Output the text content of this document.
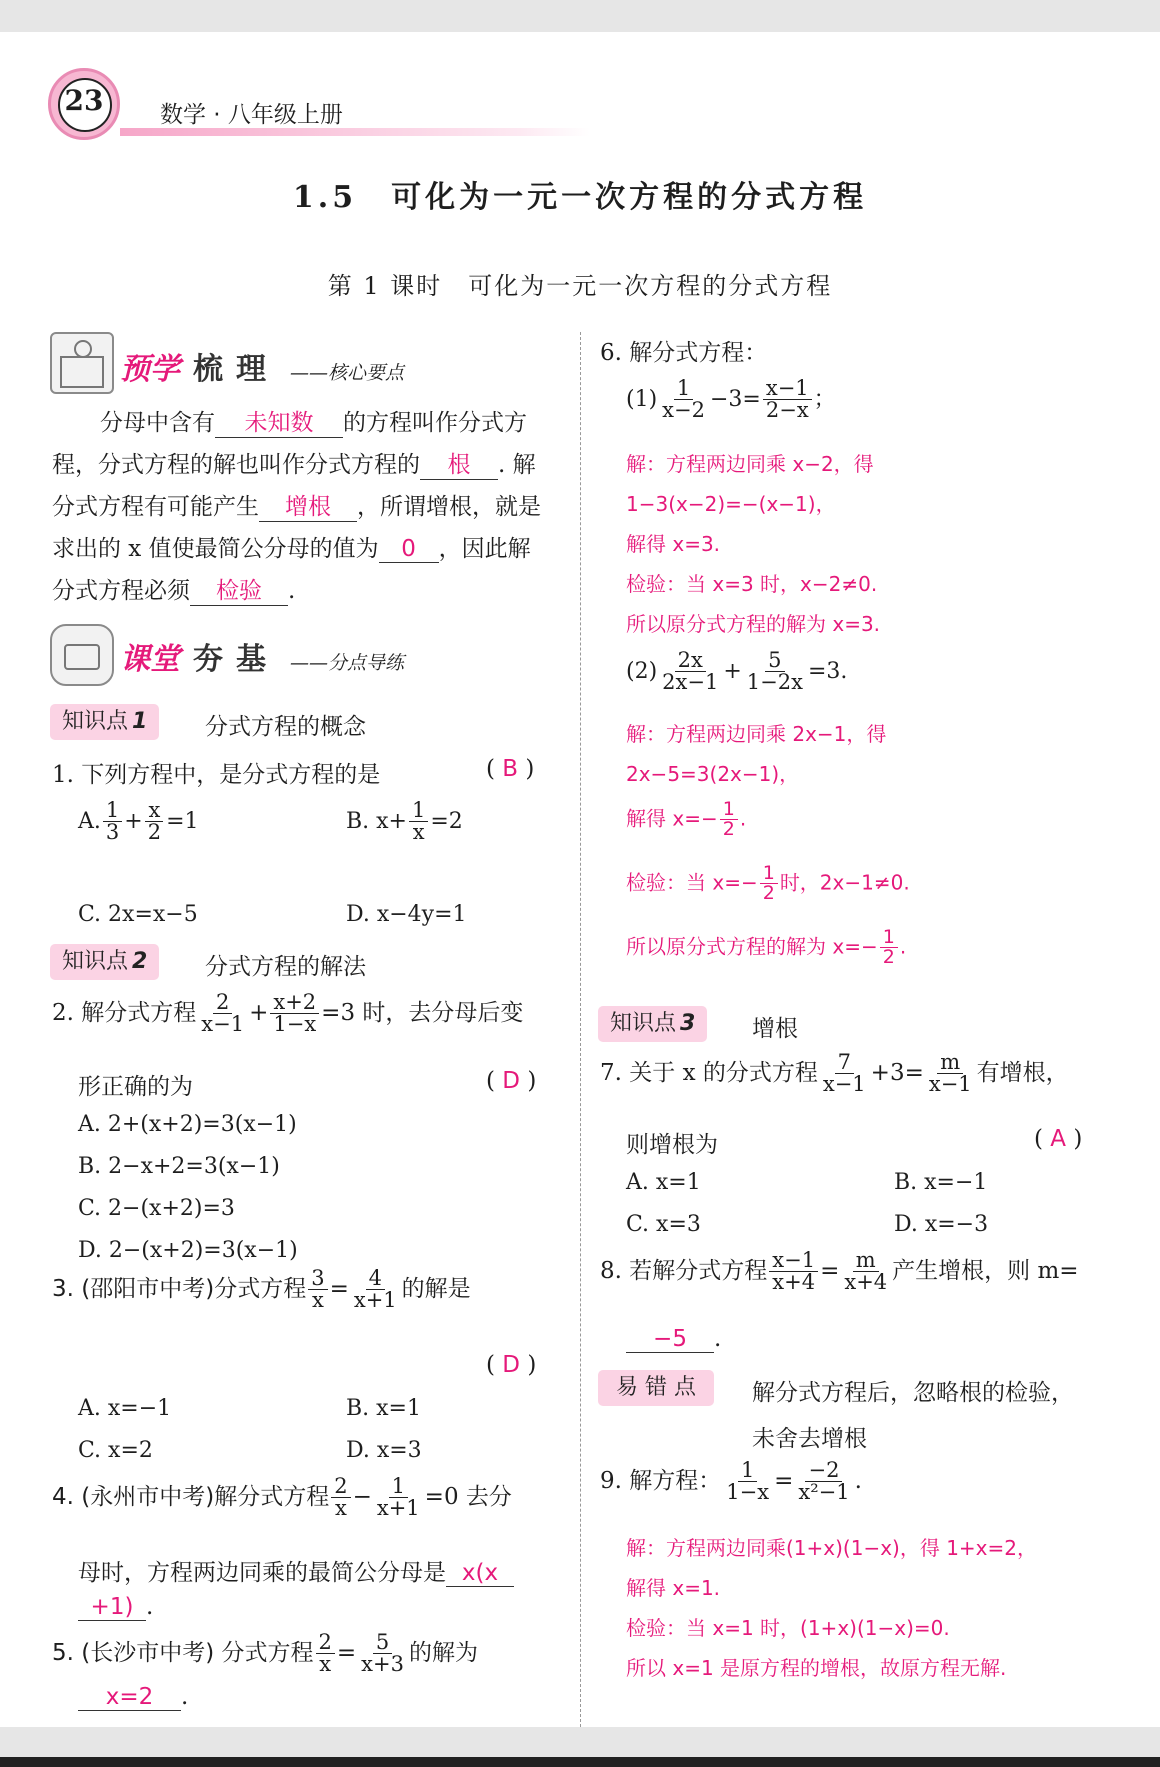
23 数学 · 八年级上册
1.5　可化为一元一次方程的分式方程
第 1 课时　可化为一元一次方程的分式方程
预学 梳 理 ——核心要点
分母中含有 未知数 的方程叫作分式方
程，分式方程的解也叫作分式方程的 根 . 解
分式方程有可能产生 增根 ，所谓增根，就是
求出的 x 值使最简公分母的值为 0 ，因此解
分式方程必须 检验 .
课堂 夯 基 ——分点导练
知识点 1	分式方程的概念
1. 下列方程中，是分式方程的是	( B )
A. $\frac{1}{3} + \frac{x}{2} =1$	B. $x+ \frac{1}{x} =2$
C. 2x=x−5	D. x−4y=1
知识点 2	分式方程的解法
2. 解分式方程 $\frac{2}{x-1} + \frac{x+2}{1-x} =3$ 时，去分母后变
形正确的为	( D )
A. 2+(x+2)=3(x−1)
B. 2−x+2=3(x−1)
C. 2−(x+2)=3
D. 2−(x+2)=3(x−1)
3. (邵阳市中考)分式方程 $\frac{3}{x} = \frac{4}{x+1}$ 的解是
( D )
A. x=−1	B. x=1
C. x=2	D. x=3
4. (永州市中考)解分式方程 $\frac{2}{x} - \frac{1}{x+1} =0$ 去分
母时，方程两边同乘的最简公分母是 x(x
+1) .
5. (长沙市中考) 分式方程 $\frac{2}{x} = \frac{5}{x+3}$ 的解为
x=2 .
6. 解分式方程：
$(1) \frac{1}{x-2} -3= \frac{x-1}{2-x}$ ；
解：方程两边同乘 x−2，得
1−3(x−2)=−(x−1)，
解得 x=3.
检验：当 x=3 时，x−2≠0.
所以原分式方程的解为 x=3.
$(2) \frac{2x}{2x-1} + \frac{5}{1-2x} =3$.
解：方程两边同乘 2x−1，得
2x−5=3(2x−1)，
解得 $x=- \frac{1}{2}$ .
检验：当 $x=- \frac{1}{2}$ 时，2x−1≠0.
所以原分式方程的解为 $x=- \frac{1}{2}$ .
知识点 3	增根
7. 关于 x 的分式方程 $\frac{7}{x-1} +3= \frac{m}{x-1}$ 有增根，
则增根为	( A )
A. x=1	B. x=−1
C. x=3	D. x=−3
8. 若解分式方程 $\frac{x-1}{x+4} = \frac{m}{x+4}$ 产生增根，则 m=
−5 .
易 错 点	解分式方程后，忽略根的检验，
未舍去增根
9. 解方程： $\frac{1}{1-x} = \frac{-2}{\text{x²−1}}$ .
解：方程两边同乘(1+x)(1−x)，得 1+x=2，
解得 x=1.
检验：当 x=1 时，(1+x)(1−x)=0.
所以 x=1 是原方程的增根，故原方程无解.
